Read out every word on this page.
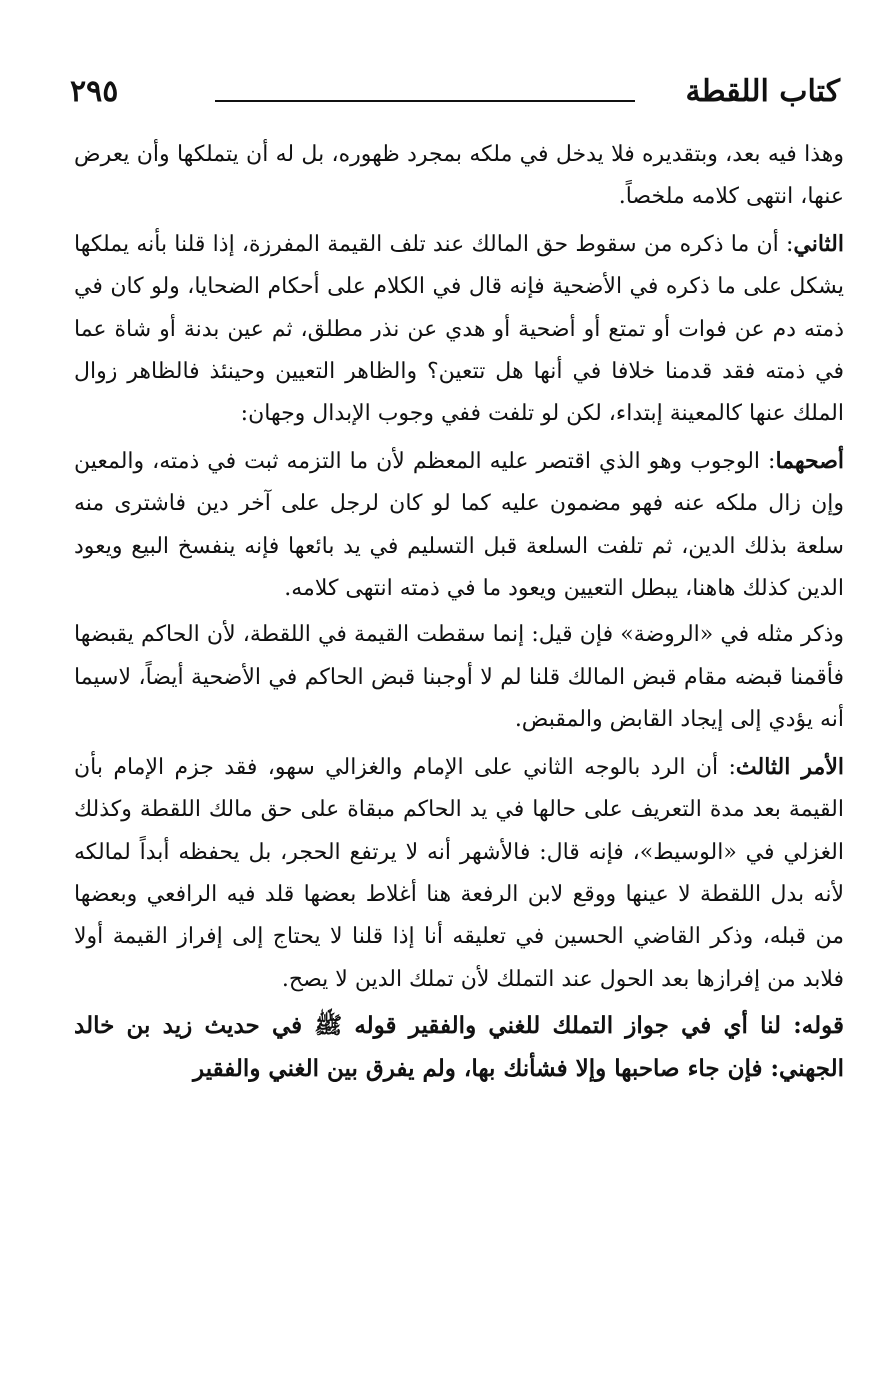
كتاب اللقطة
٢٩٥

وهذا فيه بعد، وبتقديره فلا يدخل في ملكه بمجرد ظهوره، بل له أن يتملكها وأن يعرض عنها، انتهى كلامه ملخصاً.

الثاني: أن ما ذكره من سقوط حق المالك عند تلف القيمة المفرزة، إذا قلنا بأنه يملكها يشكل على ما ذكره في الأضحية فإنه قال في الكلام على أحكام الضحايا، ولو كان في ذمته دم عن فوات أو تمتع أو أضحية أو هدي عن نذر مطلق، ثم عين بدنة أو شاة عما في ذمته فقد قدمنا خلافا في أنها هل تتعين؟ والظاهر التعيين وحينئذ فالظاهر زوال الملك عنها كالمعينة إبتداء، لكن لو تلفت ففي وجوب الإبدال وجهان:

أصحهما: الوجوب وهو الذي اقتصر عليه المعظم لأن ما التزمه ثبت في ذمته، والمعين وإن زال ملكه عنه فهو مضمون عليه كما لو كان لرجل على آخر دين فاشترى منه سلعة بذلك الدين، ثم تلفت السلعة قبل التسليم في يد بائعها فإنه ينفسخ البيع ويعود الدين كذلك هاهنا، يبطل التعيين ويعود ما في ذمته انتهى كلامه.

وذكر مثله في «الروضة» فإن قيل: إنما سقطت القيمة في اللقطة، لأن الحاكم يقبضها فأقمنا قبضه مقام قبض المالك قلنا لم لا أوجبنا قبض الحاكم في الأضحية أيضاً، لاسيما أنه يؤدي إلى إيجاد القابض والمقبض.

الأمر الثالث: أن الرد بالوجه الثاني على الإمام والغزالي سهو، فقد جزم الإمام بأن القيمة بعد مدة التعريف على حالها في يد الحاكم مبقاة على حق مالك اللقطة وكذلك الغزلي في «الوسيط»، فإنه قال: فالأشهر أنه لا يرتفع الحجر، بل يحفظه أبداً لمالكه لأنه بدل اللقطة لا عينها ووقع لابن الرفعة هنا أغلاط بعضها قلد فيه الرافعي وبعضها من قبله، وذكر القاضي الحسين في تعليقه أنا إذا قلنا لا يحتاج إلى إفراز القيمة أولا فلابد من إفرازها بعد الحول عند التملك لأن تملك الدين لا يصح.

قوله: لنا أي في جواز التملك للغني والفقير قوله ﷺ في حديث زيد بن خالد الجهني: فإن جاء صاحبها وإلا فشأنك بها، ولم يفرق بين الغني والفقير
